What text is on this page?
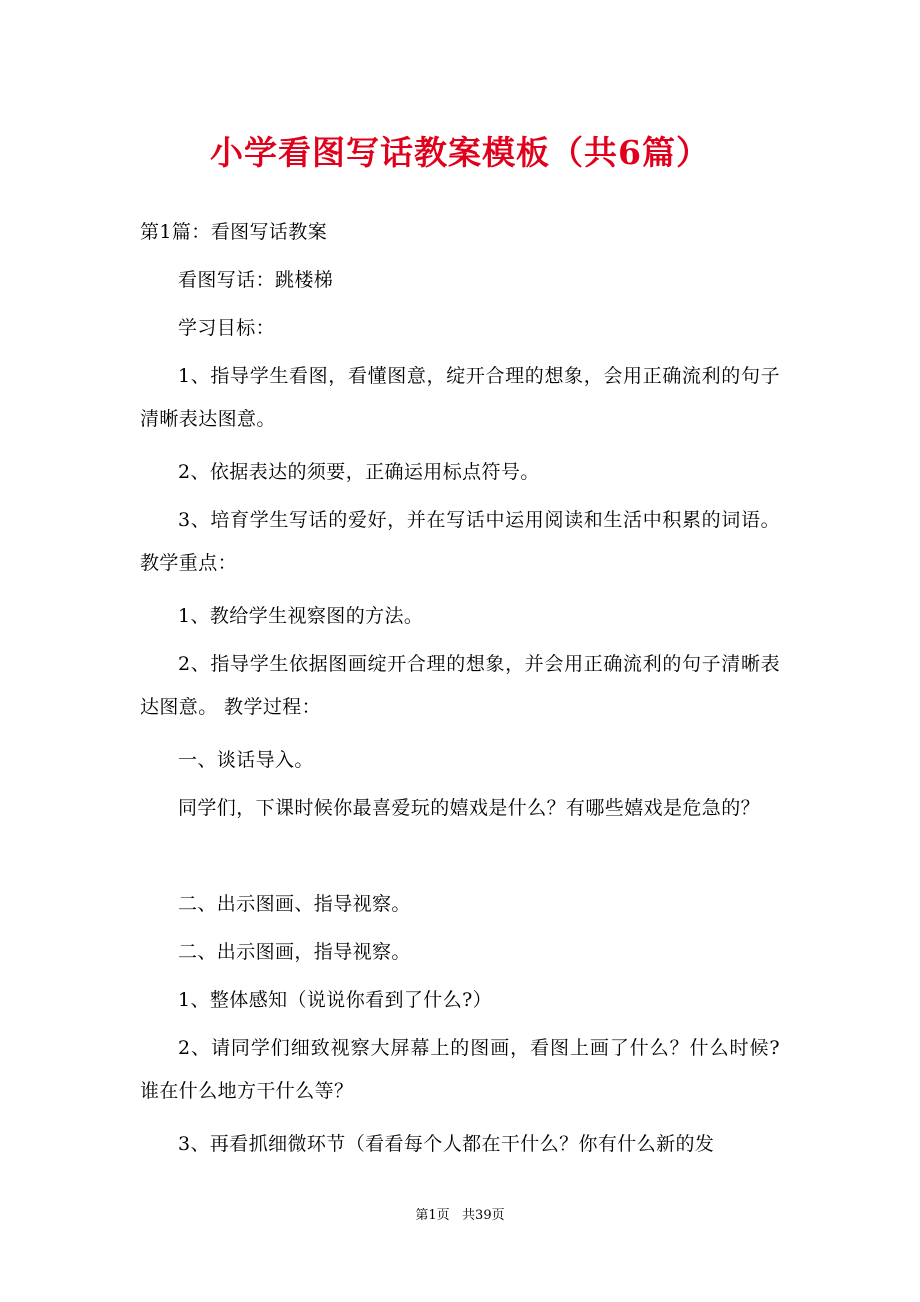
小学看图写话教案模板（共6篇）
第1篇：看图写话教案
看图写话：跳楼梯
学习目标：
1、指导学生看图，看懂图意，绽开合理的想象，会用正确流利的句子清晰表达图意。
2、依据表达的须要，正确运用标点符号。
3、培育学生写话的爱好，并在写话中运用阅读和生活中积累的词语。 教学重点：
1、教给学生视察图的方法。
2、指导学生依据图画绽开合理的想象，并会用正确流利的句子清晰表达图意。 教学过程：
一、谈话导入。
同学们，下课时候你最喜爱玩的嬉戏是什么？有哪些嬉戏是危急的？
二、出示图画、指导视察。
二、出示图画，指导视察。
1、整体感知（说说你看到了什么?）
2、请同学们细致视察大屏幕上的图画，看图上画了什么？什么时候?谁在什么地方干什么等？
3、再看抓细微环节（看看每个人都在干什么？你有什么新的发
第1页   共39页
